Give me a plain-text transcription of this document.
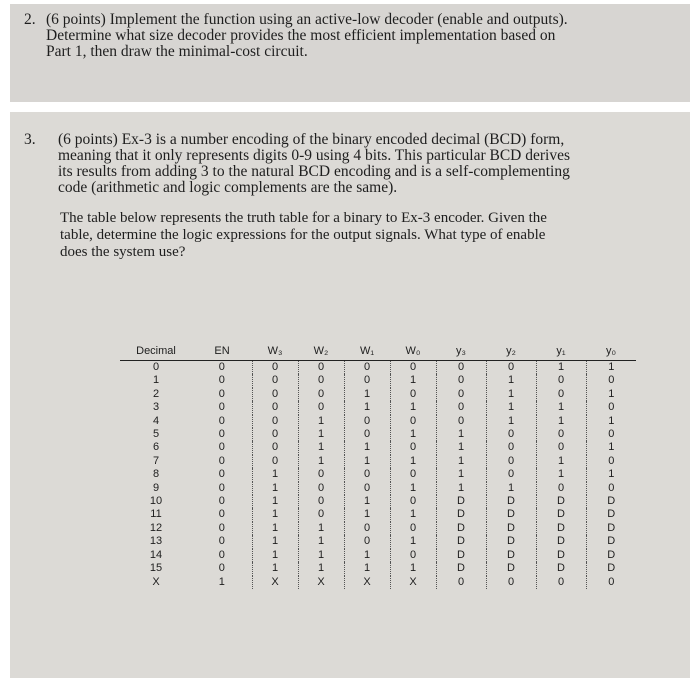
2. (6 points) Implement the function using an active-low decoder (enable and outputs).
Determine what size decoder provides the most efficient implementation based on
Part 1, then draw the minimal-cost circuit.
3.	(6 points) Ex-3 is a number encoding of the binary encoded decimal (BCD) form,
meaning that it only represents digits 0-9 using 4 bits. This particular BCD derives
its results from adding 3 to the natural BCD encoding and is a self-complementing
code (arithmetic and logic complements are the same).
The table below represents the truth table for a binary to Ex-3 encoder. Given the
table, determine the logic expressions for the output signals. What type of enable
does the system use?
Decimal	EN	W₃	W₂	W₁	W₀	y₃	y₂	y₁	y₀
0	0	0	0	0	0	0	0	1	1
1	0	0	0	0	1	0	1	0	0
2	0	0	0	1	0	0	1	0	1
3	0	0	0	1	1	0	1	1	0
4	0	0	1	0	0	0	1	1	1
5	0	0	1	0	1	1	0	0	0
6	0	0	1	1	0	1	0	0	1
7	0	0	1	1	1	1	0	1	0
8	0	1	0	0	0	1	0	1	1
9	0	1	0	0	1	1	1	0	0
10	0	1	0	1	0	D	D	D	D
11	0	1	0	1	1	D	D	D	D
12	0	1	1	0	0	D	D	D	D
13	0	1	1	0	1	D	D	D	D
14	0	1	1	1	0	D	D	D	D
15	0	1	1	1	1	D	D	D	D
X	1	X	X	X	X	0	0	0	0
